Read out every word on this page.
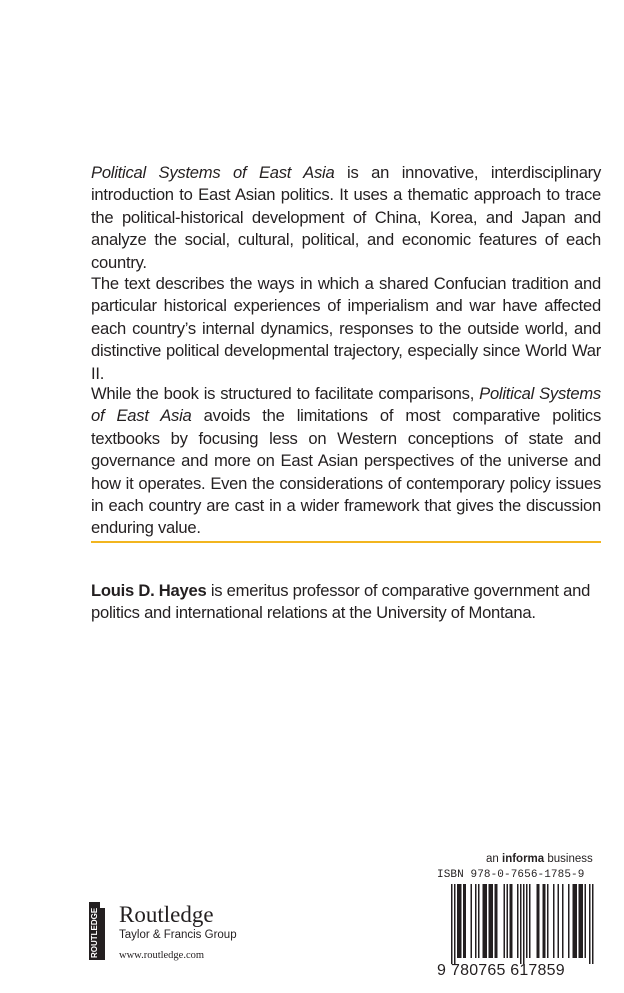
Political Systems of East Asia is an innovative, interdisciplinary introduction to East Asian politics. It uses a thematic approach to trace the political-historical development of China, Korea, and Japan and analyze the social, cultural, political, and economic features of each country.

The text describes the ways in which a shared Confucian tradition and particular historical experiences of imperialism and war have affected each country’s internal dynamics, responses to the outside world, and distinctive political developmental trajectory, especially since World War II.

While the book is structured to facilitate comparisons, Political Systems of East Asia avoids the limitations of most comparative politics textbooks by focusing less on Western conceptions of state and governance and more on East Asian perspectives of the universe and how it operates. Even the considerations of contemporary policy issues in each country are cast in a wider framework that gives the discussion enduring value.

Louis D. Hayes is emeritus professor of comparative government and politics and international relations at the University of Montana.

ROUTLEDGE Routledge
Taylor & Francis Group
www.routledge.com
an informa business
ISBN 978-0-7656-1785-9
9 780765 617859
